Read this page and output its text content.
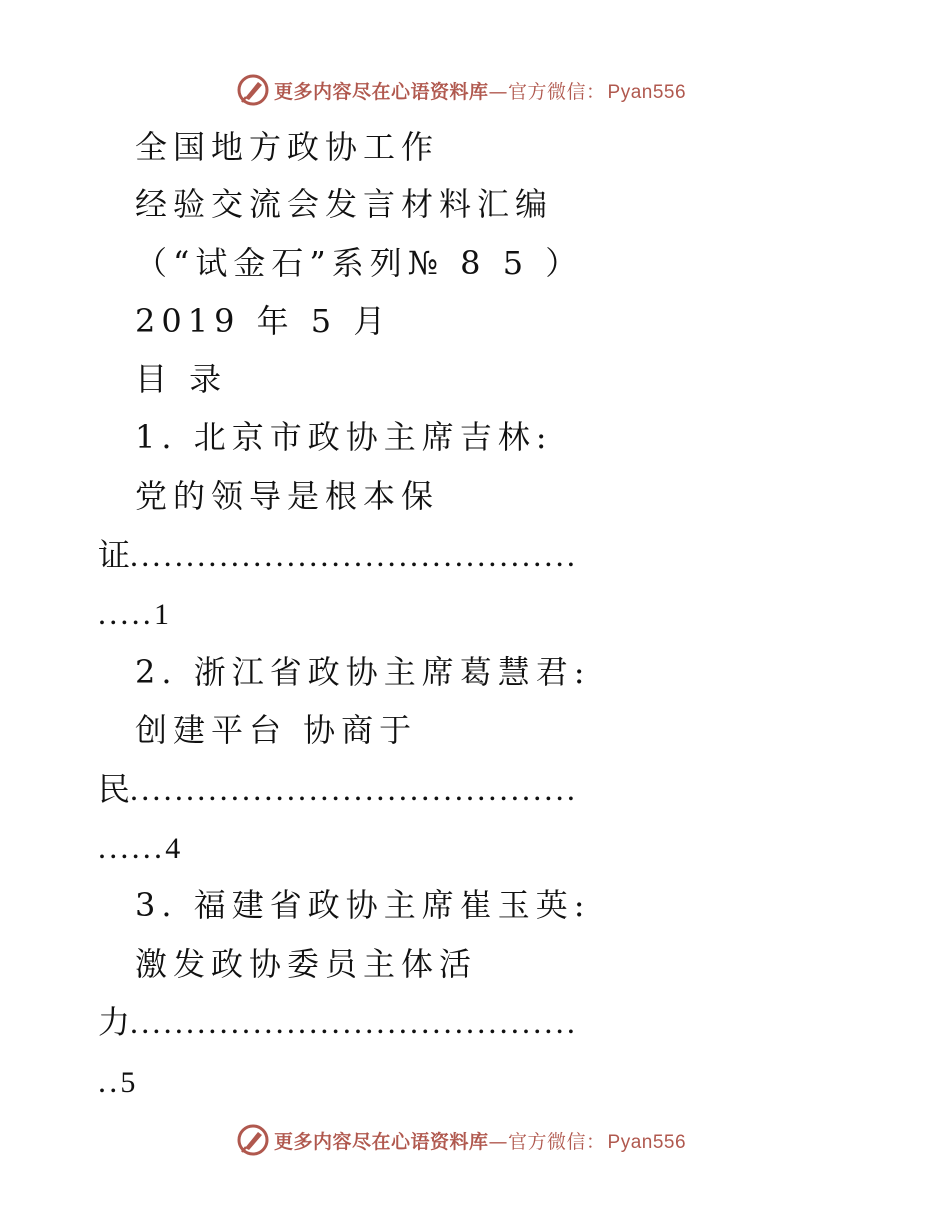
更多内容尽在心语资料库—官方微信： Pyan556
全国地方政协工作
经验交流会发言材料汇编
（“试金石”系列№ 8 5 ）
2019 年 5 月
目 录
1. 北京市政协主席吉林:
党的领导是根本保
证........................................
.....1
2. 浙江省政协主席葛慧君:
创建平台 协商于
民........................................
......4
3. 福建省政协主席崔玉英:
激发政协委员主体活
力........................................
..5
更多内容尽在心语资料库—官方微信： Pyan556
